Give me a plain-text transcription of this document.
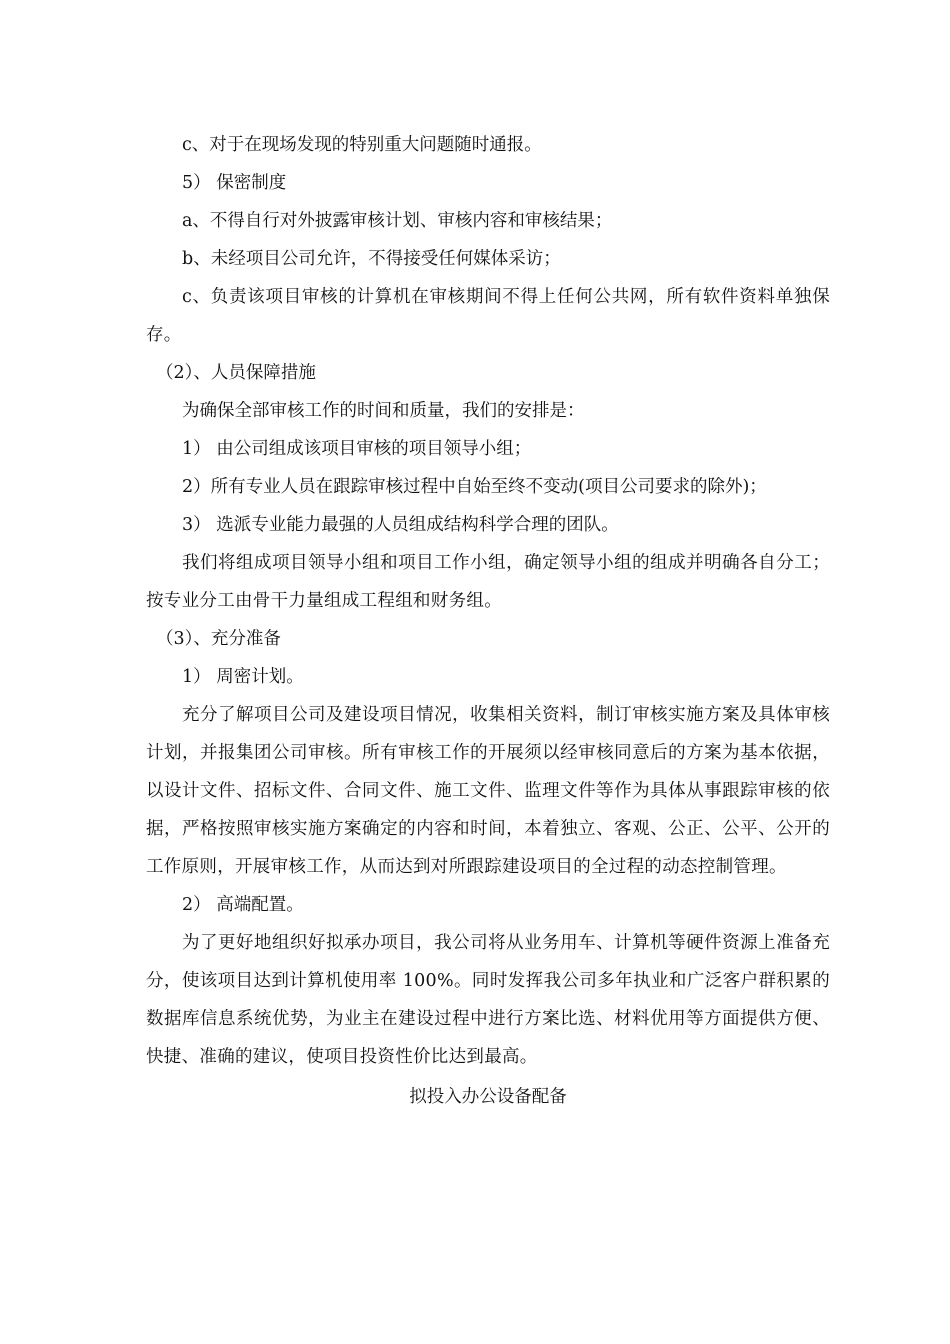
c、对于在现场发现的特别重大问题随时通报。

5） 保密制度

a、不得自行对外披露审核计划、审核内容和审核结果；

b、未经项目公司允许，不得接受任何媒体采访；

c、负责该项目审核的计算机在审核期间不得上任何公共网，所有软件资料单独保存。

（2）、人员保障措施

为确保全部审核工作的时间和质量，我们的安排是：

1） 由公司组成该项目审核的项目领导小组；

2）所有专业人员在跟踪审核过程中自始至终不变动(项目公司要求的除外)；

3） 选派专业能力最强的人员组成结构科学合理的团队。

我们将组成项目领导小组和项目工作小组，确定领导小组的组成并明确各自分工；按专业分工由骨干力量组成工程组和财务组。

（3）、充分准备

1） 周密计划。

充分了解项目公司及建设项目情况，收集相关资料，制订审核实施方案及具体审核计划，并报集团公司审核。所有审核工作的开展须以经审核同意后的方案为基本依据，以设计文件、招标文件、合同文件、施工文件、监理文件等作为具体从事跟踪审核的依据，严格按照审核实施方案确定的内容和时间，本着独立、客观、公正、公平、公开的工作原则，开展审核工作，从而达到对所跟踪建设项目的全过程的动态控制管理。

2） 高端配置。

为了更好地组织好拟承办项目，我公司将从业务用车、计算机等硬件资源上准备充分，使该项目达到计算机使用率 100%。同时发挥我公司多年执业和广泛客户群积累的数据库信息系统优势，为业主在建设过程中进行方案比选、材料优用等方面提供方便、快捷、准确的建议，使项目投资性价比达到最高。

拟投入办公设备配备
